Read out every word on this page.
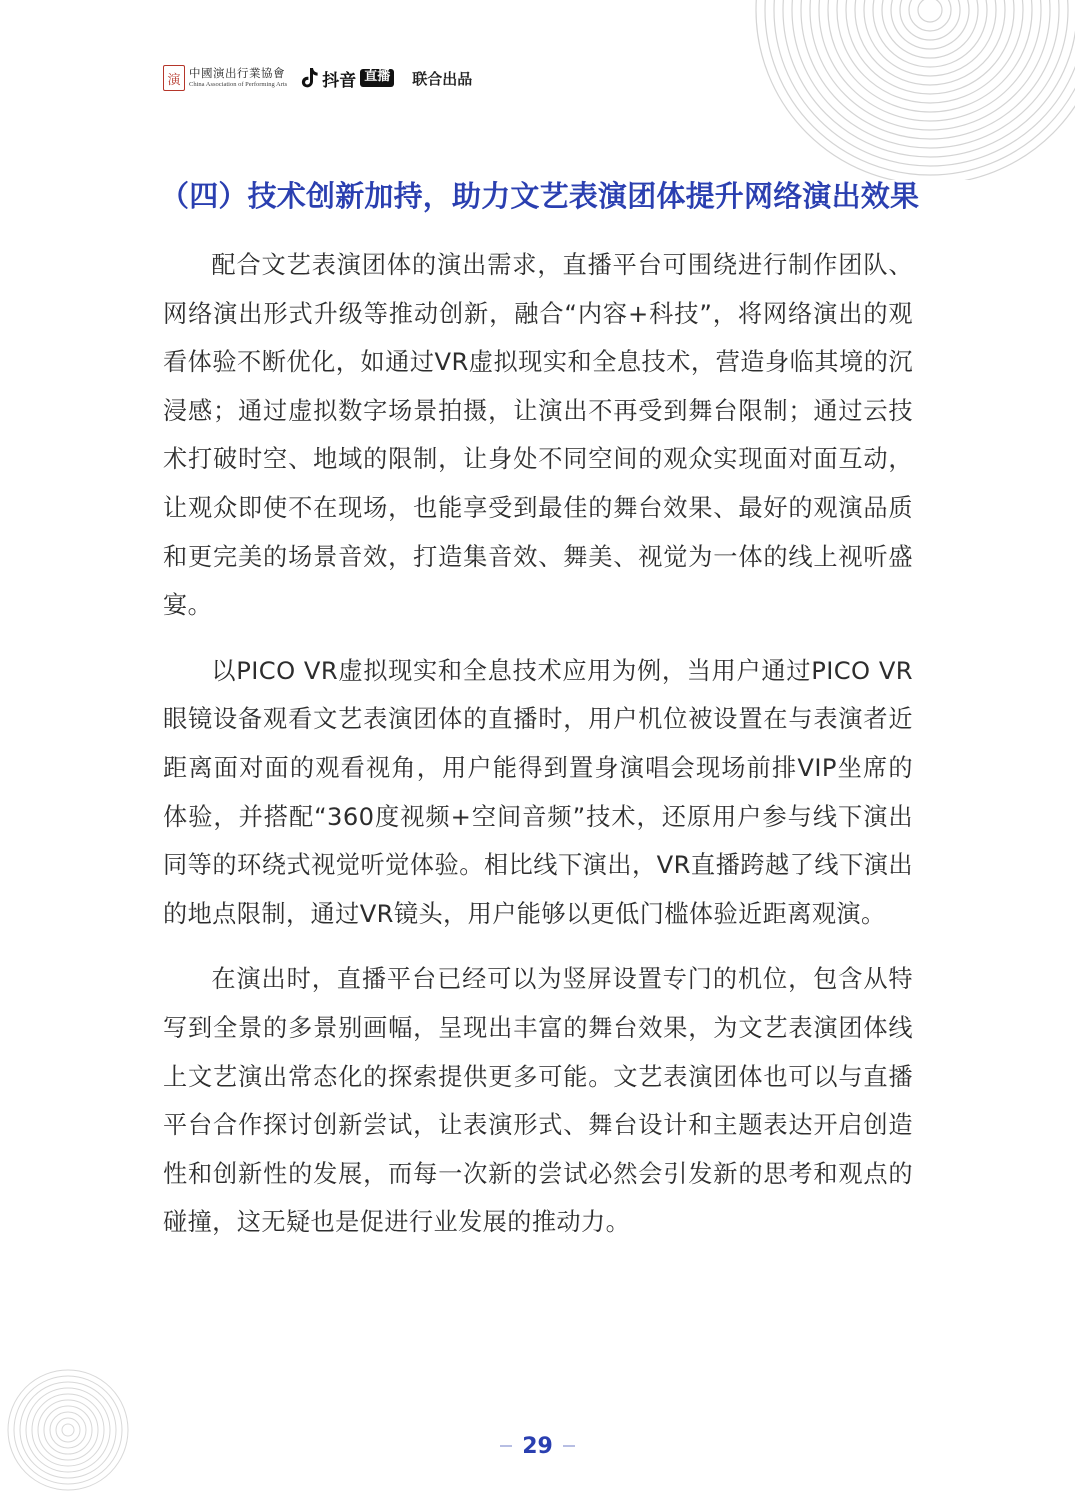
演 中國演出行業協會
China Association of Performing Arts 抖音 直播 联合出品
（四）技术创新加持，助力文艺表演团体提升网络演出效果

配合文艺表演团体的演出需求，直播平台可围绕进行制作团队、网络演出形式升级等推动创新，融合“内容+科技”，将网络演出的观看体验不断优化，如通过VR虚拟现实和全息技术，营造身临其境的沉浸感；通过虚拟数字场景拍摄，让演出不再受到舞台限制；通过云技术打破时空、地域的限制，让身处不同空间的观众实现面对面互动，让观众即使不在现场，也能享受到最佳的舞台效果、最好的观演品质和更完美的场景音效，打造集音效、舞美、视觉为一体的线上视听盛宴。

以PICO VR虚拟现实和全息技术应用为例，当用户通过PICO VR眼镜设备观看文艺表演团体的直播时，用户机位被设置在与表演者近距离面对面的观看视角，用户能得到置身演唱会现场前排VIP坐席的体验，并搭配“360度视频+空间音频”技术，还原用户参与线下演出同等的环绕式视觉听觉体验。相比线下演出，VR直播跨越了线下演出的地点限制，通过VR镜头，用户能够以更低门槛体验近距离观演。

在演出时，直播平台已经可以为竖屏设置专门的机位，包含从特写到全景的多景别画幅，呈现出丰富的舞台效果，为文艺表演团体线上文艺演出常态化的探索提供更多可能。文艺表演团体也可以与直播平台合作探讨创新尝试，让表演形式、舞台设计和主题表达开启创造性和创新性的发展，而每一次新的尝试必然会引发新的思考和观点的碰撞，这无疑也是促进行业发展的推动力。

29
